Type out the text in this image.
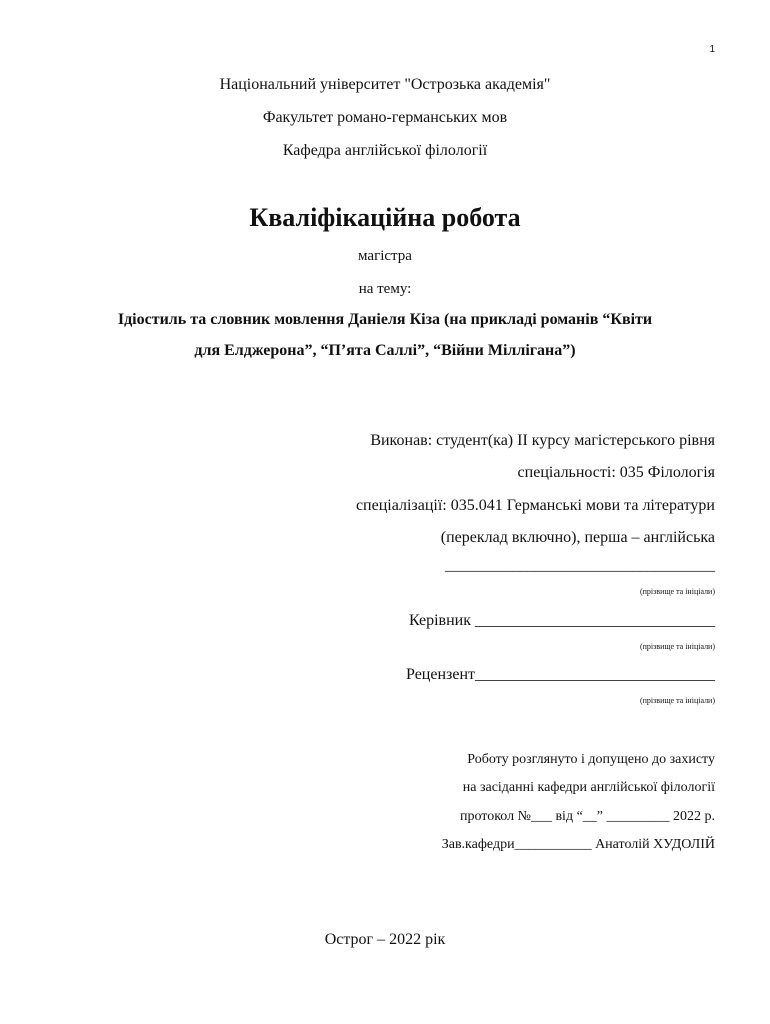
1
Національний університет "Острозька академія"
Факультет романо-германських мов
Кафедра англійської філології
Кваліфікаційна робота
магістра
на тему:
Ідіостиль та словник мовлення Даніеля Кіза (на прикладі романів “Квіти
для Елджерона”, “П’ята Саллі”, “Війни Міллігана”)
Виконав: студент(ка) ІІ курсу магістерського рівня
спеціальності: 035 Філологія
спеціалізації: 035.041 Германські мови та літератури
(переклад включно), перша – англійська
____________________________________
(прізвище та ініціали)
Керівник ______________________________
(прізвище та ініціали)
Рецензент______________________________
(прізвище та ініціали)
Роботу розглянуто і допущено до захисту
на засіданні кафедри англійської філології
протокол №___ від “__” _________ 2022 р.
Зав.кафедри___________ Анатолій ХУДОЛІЙ
Острог – 2022 рік
